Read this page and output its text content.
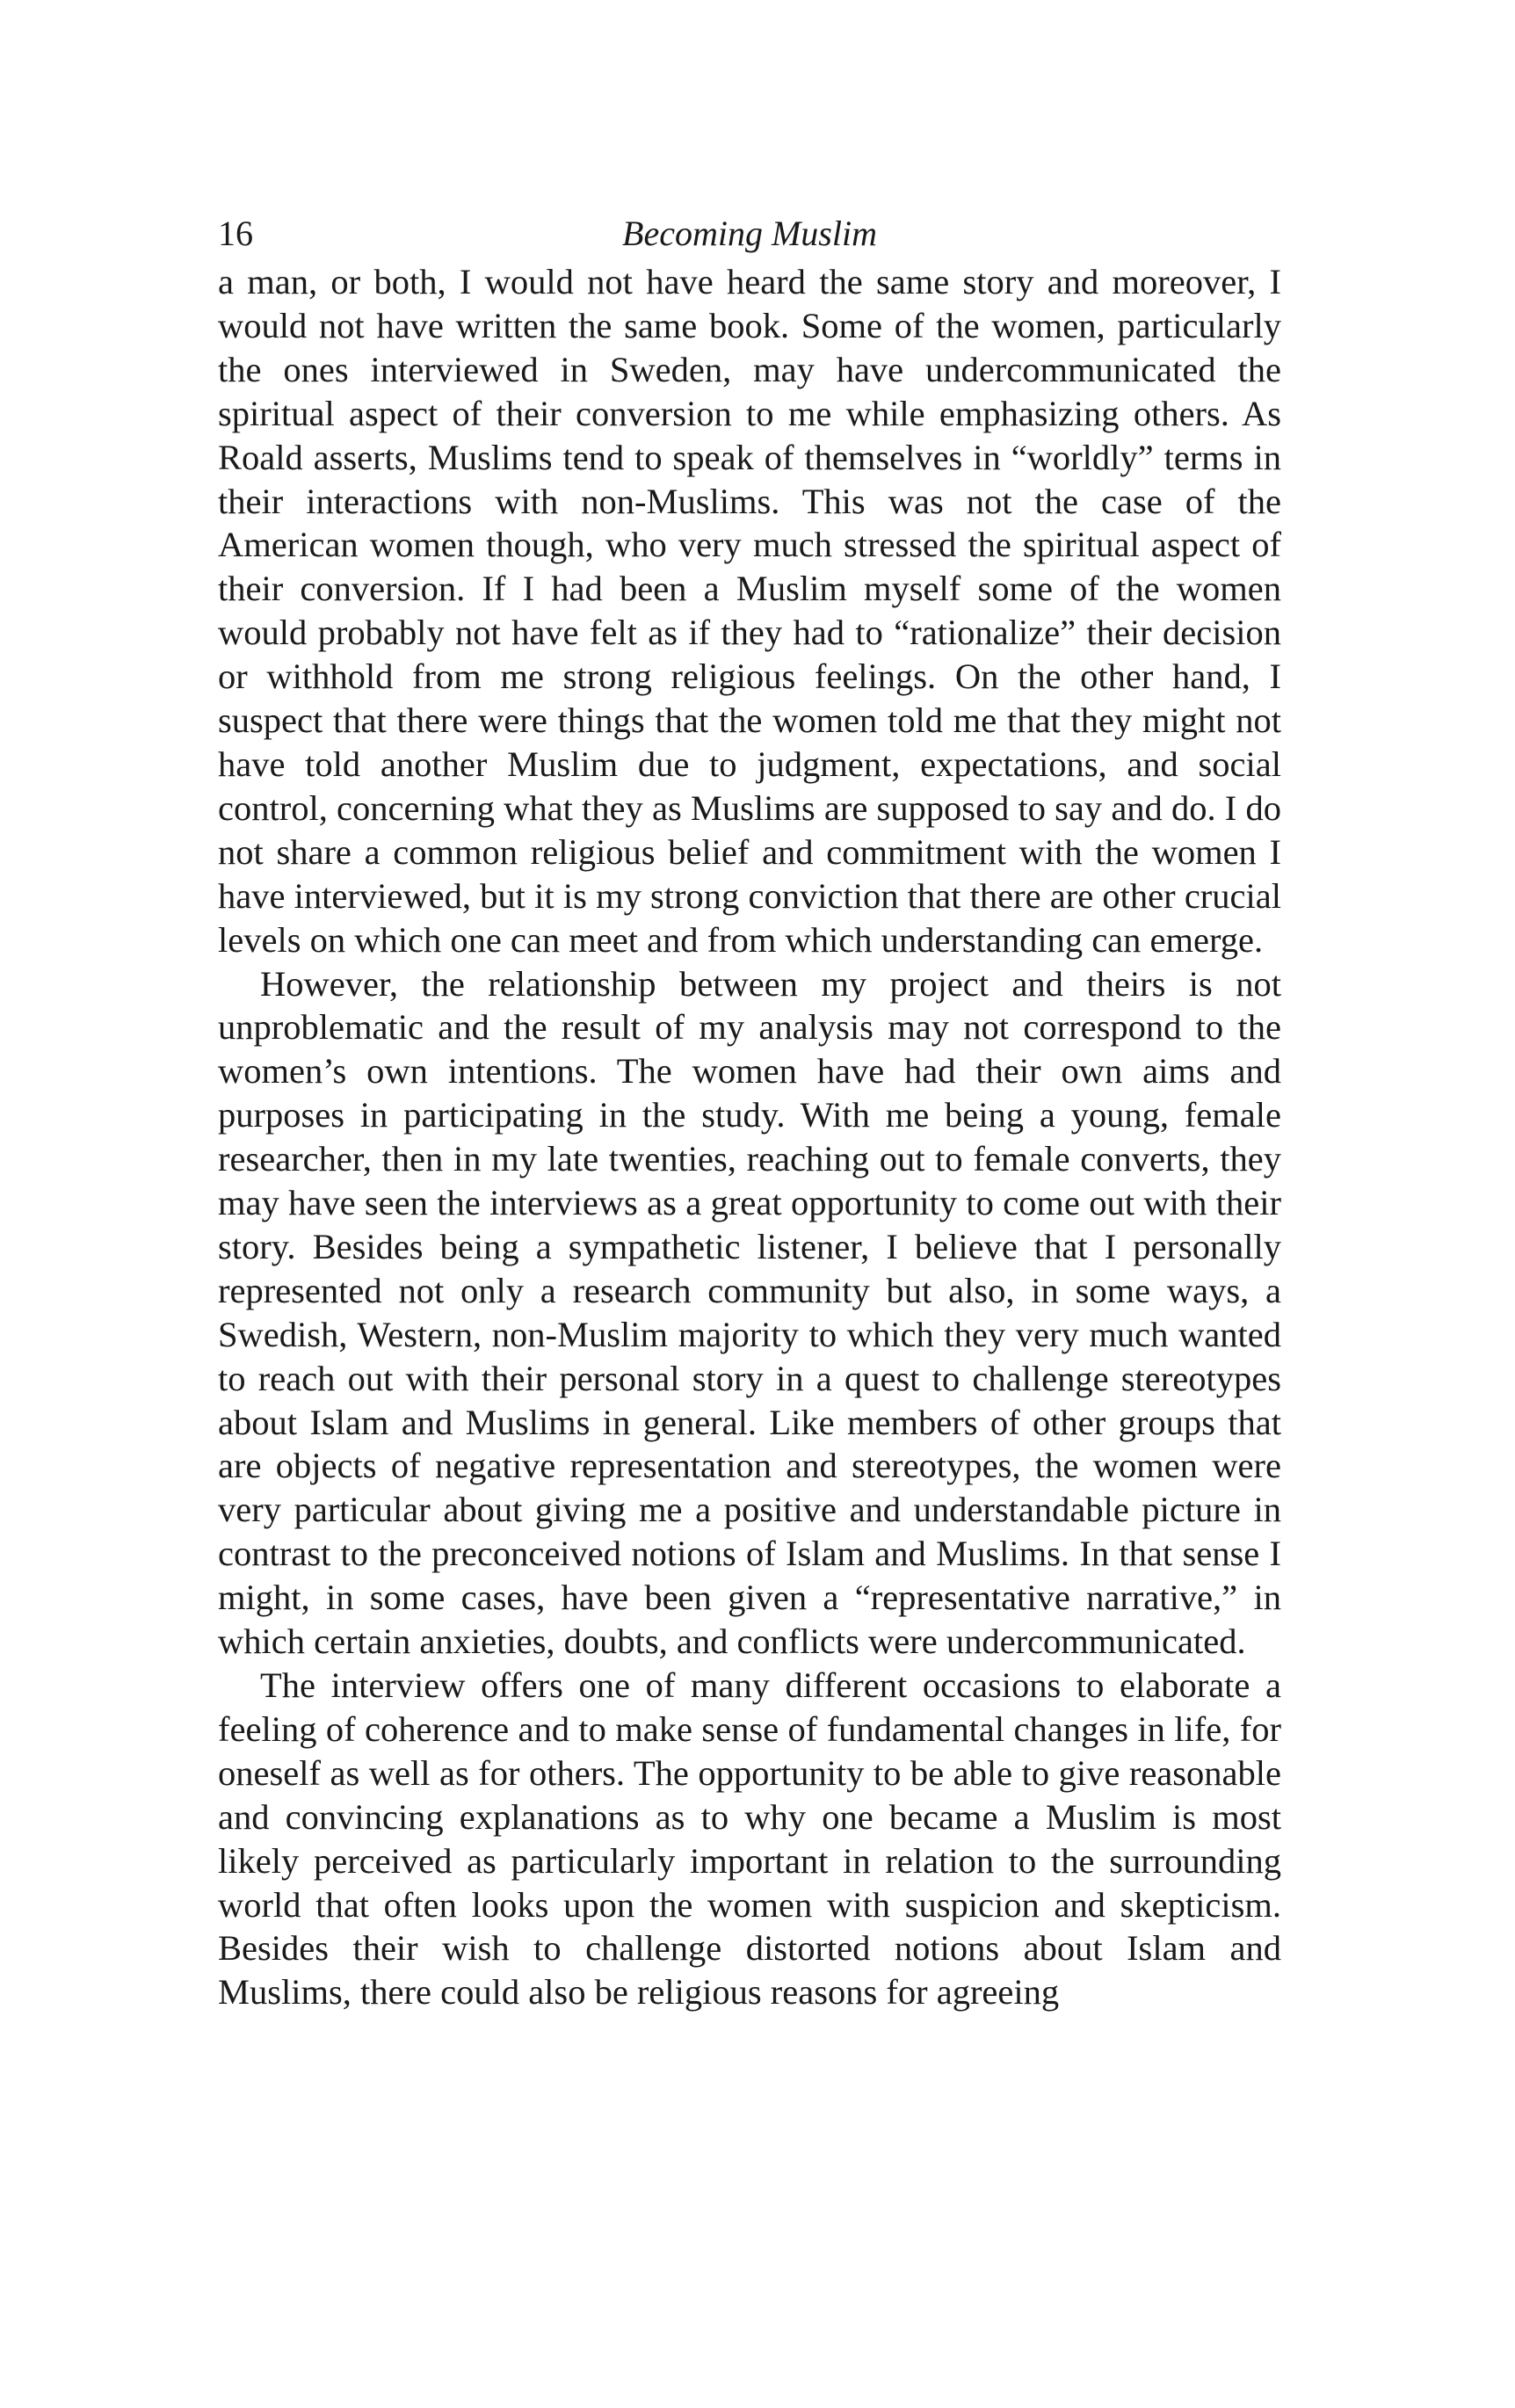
16	Becoming Muslim

a man, or both, I would not have heard the same story and moreover, I would not have written the same book. Some of the women, particularly the ones interviewed in Sweden, may have undercommunicated the spiritual aspect of their conversion to me while emphasizing others. As Roald asserts, Muslims tend to speak of themselves in “worldly” terms in their interactions with non-Muslims. This was not the case of the American women though, who very much stressed the spiritual aspect of their conversion. If I had been a Muslim myself some of the women would probably not have felt as if they had to “rationalize” their decision or withhold from me strong religious feelings. On the other hand, I suspect that there were things that the women told me that they might not have told another Muslim due to judgment, expectations, and social control, concerning what they as Muslims are supposed to say and do. I do not share a common religious belief and commitment with the women I have interviewed, but it is my strong conviction that there are other crucial levels on which one can meet and from which understanding can emerge.

However, the relationship between my project and theirs is not unproblematic and the result of my analysis may not correspond to the women’s own intentions. The women have had their own aims and purposes in participating in the study. With me being a young, female researcher, then in my late twenties, reaching out to female converts, they may have seen the interviews as a great opportunity to come out with their story. Besides being a sympathetic listener, I believe that I personally represented not only a research community but also, in some ways, a Swedish, Western, non-Muslim majority to which they very much wanted to reach out with their personal story in a quest to challenge stereotypes about Islam and Muslims in general. Like members of other groups that are objects of negative representation and stereotypes, the women were very particular about giving me a positive and understandable picture in contrast to the preconceived notions of Islam and Muslims. In that sense I might, in some cases, have been given a “representative narrative,” in which certain anxieties, doubts, and conflicts were undercommunicated.

The interview offers one of many different occasions to elaborate a feeling of coherence and to make sense of fundamental changes in life, for oneself as well as for others. The opportunity to be able to give reasonable and convincing explanations as to why one became a Muslim is most likely perceived as particularly important in relation to the surrounding world that often looks upon the women with suspicion and skepticism. Besides their wish to challenge distorted notions about Islam and Muslims, there could also be religious reasons for agreeing
